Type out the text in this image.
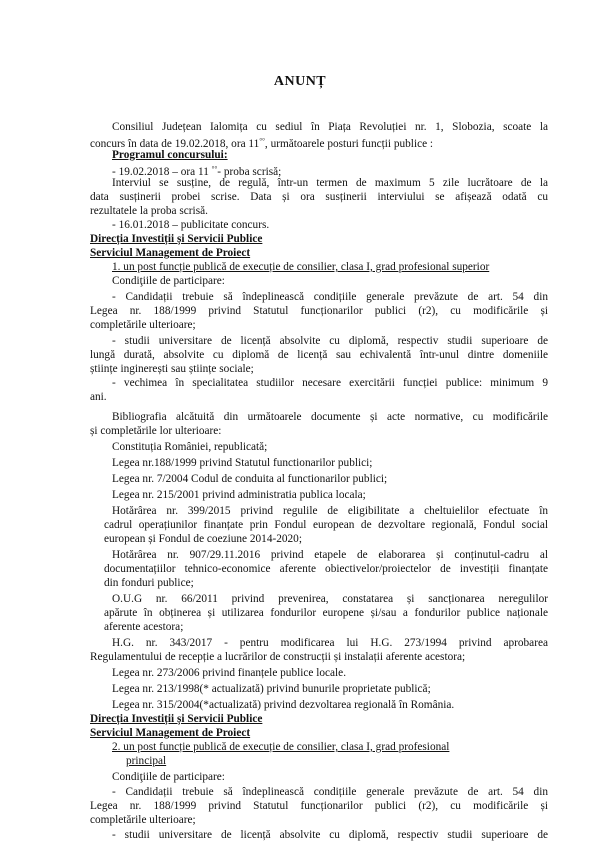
ANUNȚ
Consiliul Județean Ialomița cu sediul în Piața Revoluției nr. 1, Slobozia, scoate la
concurs în data de 19.02.2018, ora 11°°, următoarele posturi funcții publice :
Programul concursului:
- 19.02.2018 – ora 11 °°- proba scrisă;
Interviul se susține, de regulă, într-un termen de maximum 5 zile lucrătoare de la
data susținerii probei scrise. Data și ora susținerii interviului se afișează odată cu
rezultatele la proba scrisă.
- 16.01.2018 – publicitate concurs.
Direcția Investiții și Servicii Publice
Serviciul Management de Proiect
1. un post funcție publică de execuție de consilier, clasa I, grad profesional superior
Condiţiile de participare:
- Candidații trebuie să îndeplinească condițiile generale prevăzute de art. 54 din
Legea nr. 188/1999 privind Statutul funcționarilor publici (r2), cu modificările și
completările ulterioare;
- studii universitare de licență absolvite cu diplomă, respectiv studii superioare de
lungă durată, absolvite cu diplomă de licență sau echivalentă într-unul dintre domeniile
științe inginerești sau științe sociale;
- vechimea în specialitatea studiilor necesare exercitării funcției publice: minimum 9
ani.
Bibliografia alcătuită din următoarele documente și acte normative, cu modificările
și completările lor ulterioare:
Constituția României, republicată;
Legea nr.188/1999 privind Statutul functionarilor publici;
Legea nr. 7/2004 Codul de conduita al functionarilor publici;
Legea nr. 215/2001 privind administratia publica locala;
Hotărârea nr. 399/2015 privind regulile de eligibilitate a cheltuielilor efectuate în
cadrul operațiunilor finanțate prin Fondul european de dezvoltare regională, Fondul social
european și Fondul de coeziune 2014-2020;
Hotărârea nr. 907/29.11.2016 privind etapele de elaborarea și conținutul-cadru al
documentațiilor tehnico-economice aferente obiectivelor/proiectelor de investiții finanțate
din fonduri publice;
O.U.G nr. 66/2011 privind prevenirea, constatarea și sancționarea neregulilor
apărute în obținerea și utilizarea fondurilor europene și/sau a fondurilor publice naționale
aferente acestora;
H.G. nr. 343/2017 - pentru modificarea lui H.G. 273/1994 privind aprobarea
Regulamentului de recepție a lucrărilor de construcții și instalații aferente acestora;
Legea nr. 273/2006 privind finanțele publice locale.
Legea nr. 213/1998(* actualizată) privind bunurile proprietate publică;
Legea nr. 315/2004(*actualizată) privind dezvoltarea regională în România.
Direcția Investiții și Servicii Publice
Serviciul Management de Proiect
2. un post funcție publică de execuție de consilier, clasa I, grad profesional
principal
Condiţiile de participare:
- Candidații trebuie să îndeplinească condițiile generale prevăzute de art. 54 din
Legea nr. 188/1999 privind Statutul funcționarilor publici (r2), cu modificările și
completările ulterioare;
- studii universitare de licență absolvite cu diplomă, respectiv studii superioare de
